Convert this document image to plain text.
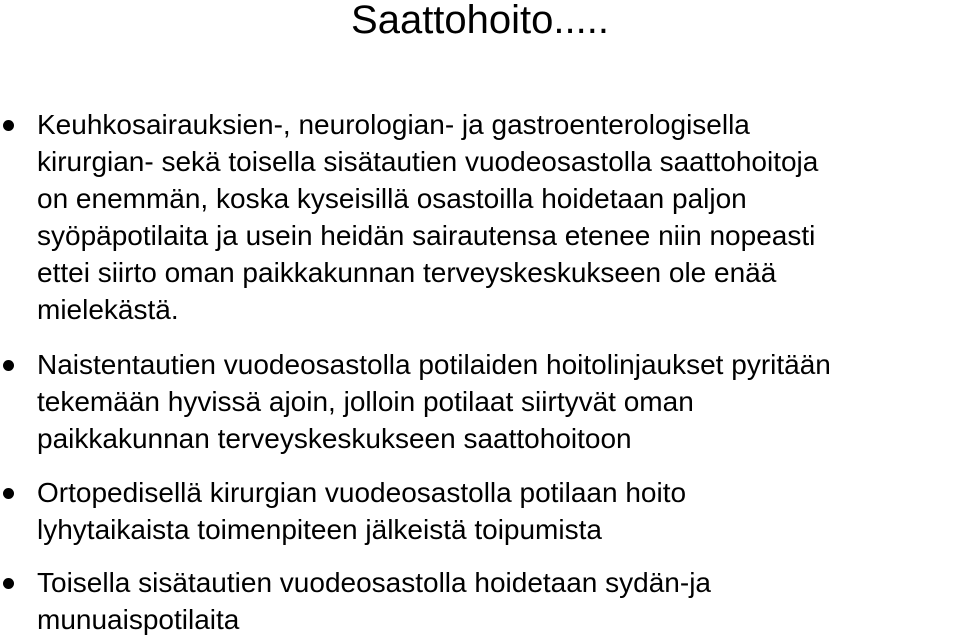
Saattohoito.....
Keuhkosairauksien-, neurologian- ja gastroenterologisella
kirurgian- sekä toisella sisätautien vuodeosastolla saattohoitoja
on enemmän, koska kyseisillä osastoilla hoidetaan paljon
syöpäpotilaita ja usein heidän sairautensa etenee niin nopeasti
ettei siirto oman paikkakunnan terveyskeskukseen ole enää
mielekästä.
Naistentautien vuodeosastolla potilaiden hoitolinjaukset pyritään
tekemään hyvissä ajoin, jolloin potilaat siirtyvät oman
paikkakunnan terveyskeskukseen saattohoitoon
Ortopedisellä kirurgian vuodeosastolla potilaan hoito
lyhytaikaista toimenpiteen jälkeistä toipumista
Toisella sisätautien vuodeosastolla hoidetaan sydän-ja
munuaispotilaita
